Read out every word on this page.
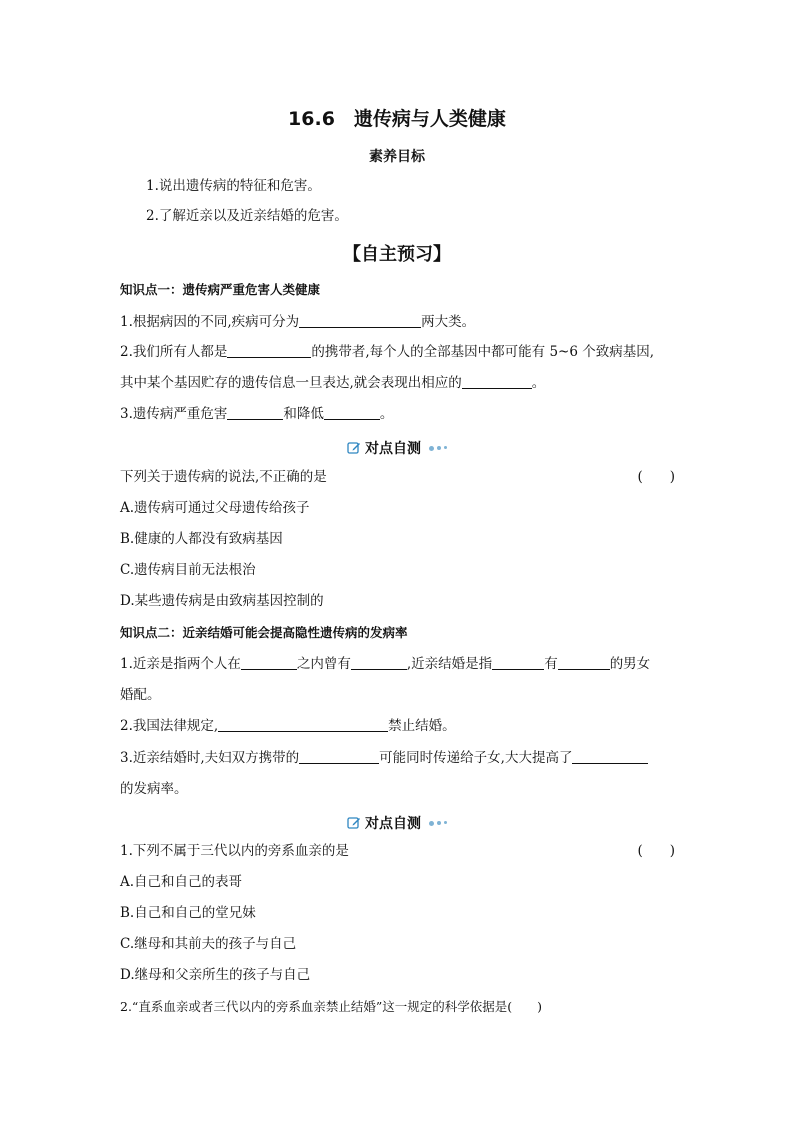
16.6　遗传病与人类健康
素养目标
1.说出遗传病的特征和危害。
2.了解近亲以及近亲结婚的危害。
【自主预习】
知识点一：遗传病严重危害人类健康
1.根据病因的不同,疾病可分为	两大类。
2.我们所有人都是	的携带者,每个人的全部基因中都可能有 5~6 个致病基因,
其中某个基因贮存的遗传信息一旦表达,就会表现出相应的	。
3.遗传病严重危害	和降低	。
对点自测
下列关于遗传病的说法,不正确的是	(　　)
A.遗传病可通过父母遗传给孩子
B.健康的人都没有致病基因
C.遗传病目前无法根治
D.某些遗传病是由致病基因控制的
知识点二：近亲结婚可能会提高隐性遗传病的发病率
1.近亲是指两个人在	之内曾有	,近亲结婚是指	有	的男女
婚配。
2.我国法律规定,	禁止结婚。
3.近亲结婚时,夫妇双方携带的	可能同时传递给子女,大大提高了
的发病率。
对点自测
1.下列不属于三代以内的旁系血亲的是	(　　)
A.自己和自己的表哥
B.自己和自己的堂兄妹
C.继母和其前夫的孩子与自己
D.继母和父亲所生的孩子与自己
2.“直系血亲或者三代以内的旁系血亲禁止结婚”这一规定的科学依据是(　　)
